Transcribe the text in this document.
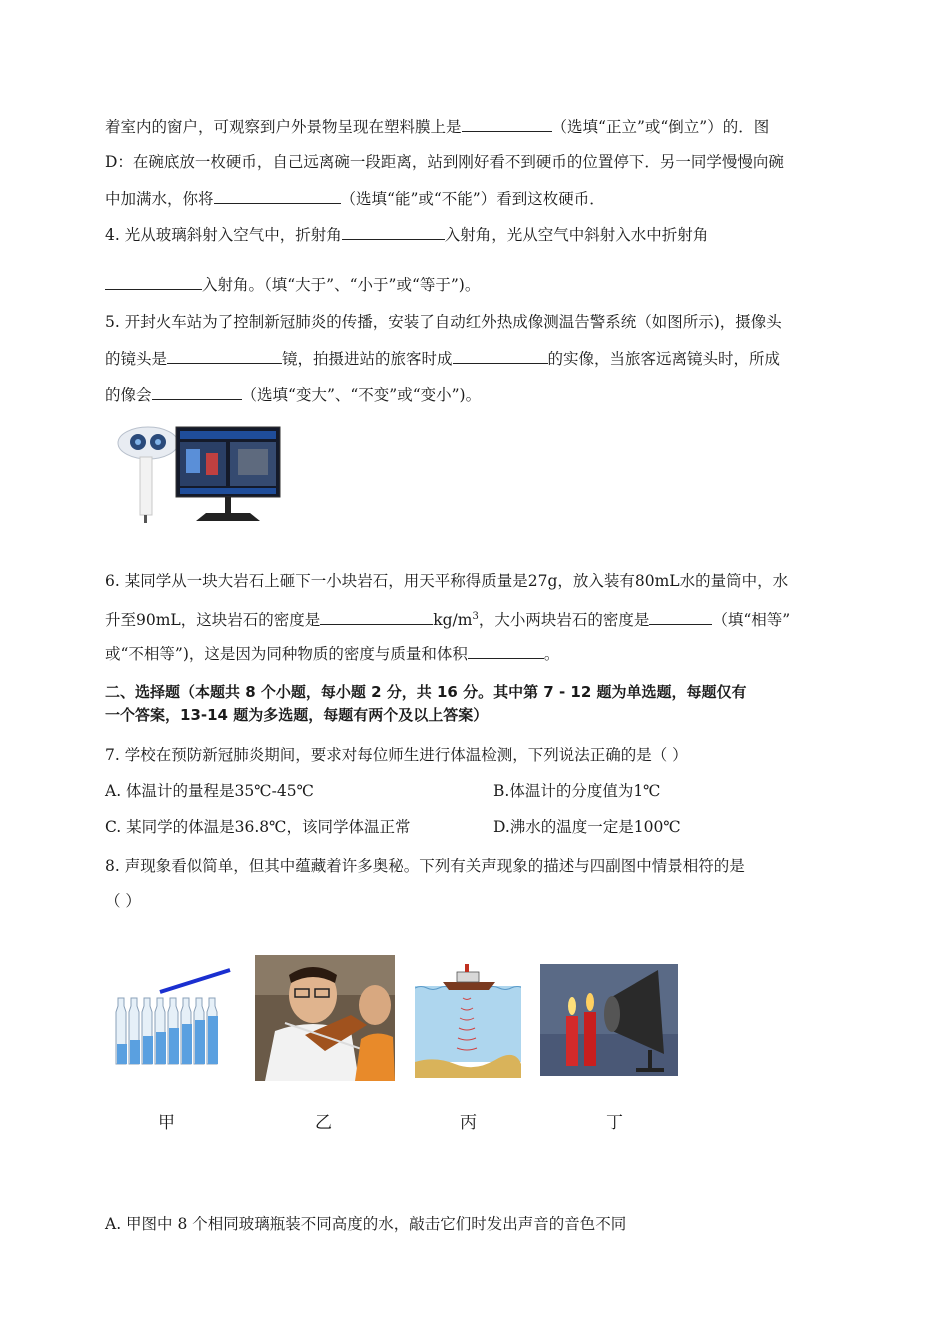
着室内的窗户，可观察到户外景物呈现在塑料膜上是	（选填“正立”或“倒立”）的．图
D：在碗底放一枚硬币，自己远离碗一段距离，站到刚好看不到硬币的位置停下．另一同学慢慢向碗
中加满水，你将	（选填“能”或“不能”）看到这枚硬币．
4. 光从玻璃斜射入空气中，折射角	入射角，光从空气中斜射入水中折射角
入射角。（填“大于”、“小于”或“等于”)。
5. 开封火车站为了控制新冠肺炎的传播，安装了自动红外热成像测温告警系统（如图所示)，摄像头
的镜头是	镜，拍摄进站的旅客时成	的实像，当旅客远离镜头时，所成
的像会	（选填“变大”、“不变”或“变小”)。
6. 某同学从一块大岩石上砸下一小块岩石，用天平称得质量是27g，放入装有80mL水的量筒中，水
升至90mL，这块岩石的密度是	$kg/m^3$，大小两块岩石的密度是	（填“相等”
或“不相等”)，这是因为同种物质的密度与质量和体积	。
二、选择题（本题共 8 个小题，每小题 2 分，共 16 分。其中第 7 - 12 题为单选题，每题仅有
一个答案，13-14 题为多选题，每题有两个及以上答案）
7. 学校在预防新冠肺炎期间，要求对每位师生进行体温检测，下列说法正确的是（ ）
A. 体温计的量程是35℃-45℃	B.体温计的分度值为1℃
C. 某同学的体温是36.8℃，该同学体温正常	D.沸水的温度一定是100℃
8. 声现象看似简单，但其中蕴藏着许多奥秘。下列有关声现象的描述与四副图中情景相符的是
（ ）
甲	乙	丙	丁
A. 甲图中 8 个相同玻璃瓶装不同高度的水，敲击它们时发出声音的音色不同
